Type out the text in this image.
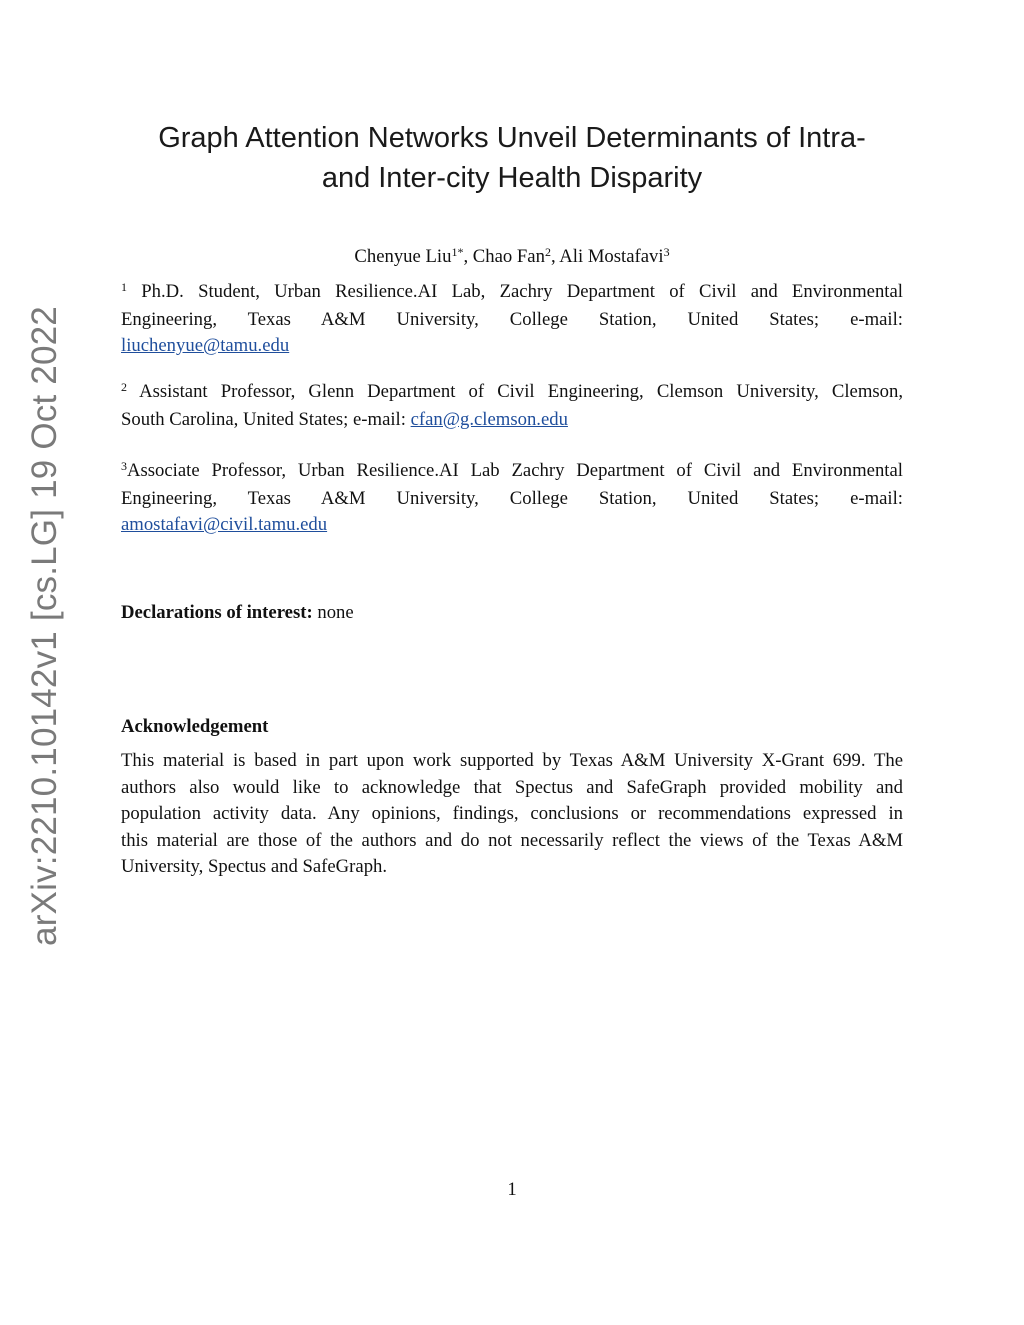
arXiv:2210.10142v1 [cs.LG] 19 Oct 2022
Graph Attention Networks Unveil Determinants of Intra-
and Inter-city Health Disparity
Chenyue Liu$^{1*}$, Chao Fan$^2$, Ali Mostafavi$^3$
$^1$ Ph.D. Student, Urban Resilience.AI Lab, Zachry Department of Civil and Environmental
Engineering, Texas A&M University, College Station, United States; e-mail:
liuchenyue@tamu.edu
$^2$ Assistant Professor, Glenn Department of Civil Engineering, Clemson University, Clemson,
South Carolina, United States; e-mail: cfan@g.clemson.edu
$^3$Associate Professor, Urban Resilience.AI Lab Zachry Department of Civil and Environmental
Engineering, Texas A&M University, College Station, United States; e-mail:
amostafavi@civil.tamu.edu

Declarations of interest: none

Acknowledgement

This material is based in part upon work supported by Texas A&M University X-Grant 699. The
authors also would like to acknowledge that Spectus and SafeGraph provided mobility and
population activity data. Any opinions, findings, conclusions or recommendations expressed in
this material are those of the authors and do not necessarily reflect the views of the Texas A&M
University, Spectus and SafeGraph.
1
